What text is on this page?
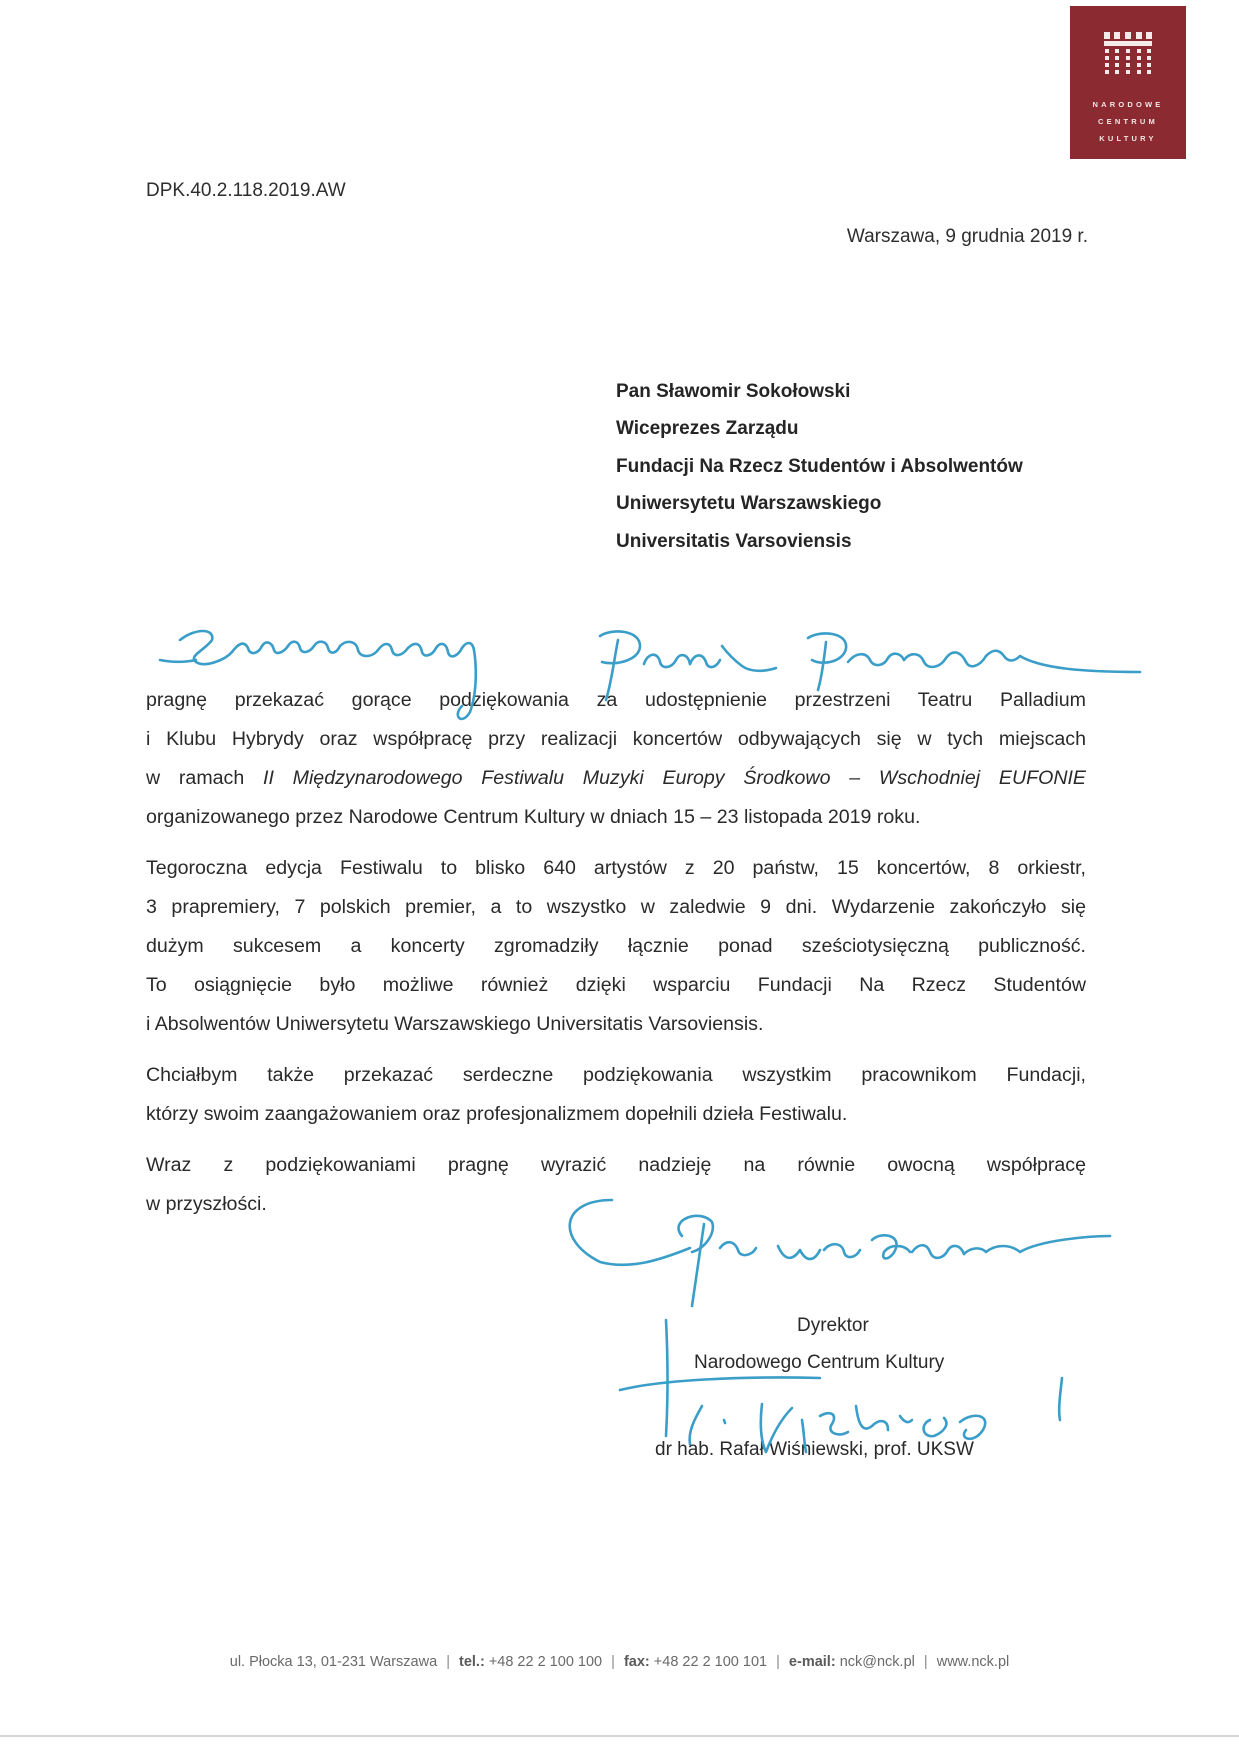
NARODOWE
CENTRUM
KULTURY
DPK.40.2.118.2019.AW
Warszawa, 9 grudnia 2019 r.
Pan Sławomir Sokołowski
Wiceprezes Zarządu
Fundacji Na Rzecz Studentów i Absolwentów
Uniwersytetu Warszawskiego
Universitatis Varsoviensis
pragnę przekazać gorące podziękowania za udostępnienie przestrzeni Teatru Palladium
i Klubu Hybrydy oraz współpracę przy realizacji koncertów odbywających się w tych miejscach
w ramach II Międzynarodowego Festiwalu Muzyki Europy Środkowo – Wschodniej EUFONIE
organizowanego przez Narodowe Centrum Kultury w dniach 15 – 23 listopada 2019 roku.
Tegoroczna edycja Festiwalu to blisko 640 artystów z 20 państw, 15 koncertów, 8 orkiestr,
3 prapremiery, 7 polskich premier, a to wszystko w zaledwie 9 dni. Wydarzenie zakończyło się
dużym sukcesem a koncerty zgromadziły łącznie ponad sześciotysięczną publiczność.
To osiągnięcie było możliwe również dzięki wsparciu Fundacji Na Rzecz Studentów
i Absolwentów Uniwersytetu Warszawskiego Universitatis Varsoviensis.
Chciałbym także przekazać serdeczne podziękowania wszystkim pracownikom Fundacji,
którzy swoim zaangażowaniem oraz profesjonalizmem dopełnili dzieła Festiwalu.
Wraz z podziękowaniami pragnę wyrazić nadzieję na równie owocną współpracę
w przyszłości.
Dyrektor
Narodowego Centrum Kultury
dr hab. Rafał Wiśniewski, prof. UKSW
ul. Płocka 13, 01-231 Warszawa | tel.: +48 22 2 100 100 | fax: +48 22 2 100 101 | e-mail: nck@nck.pl | www.nck.pl
